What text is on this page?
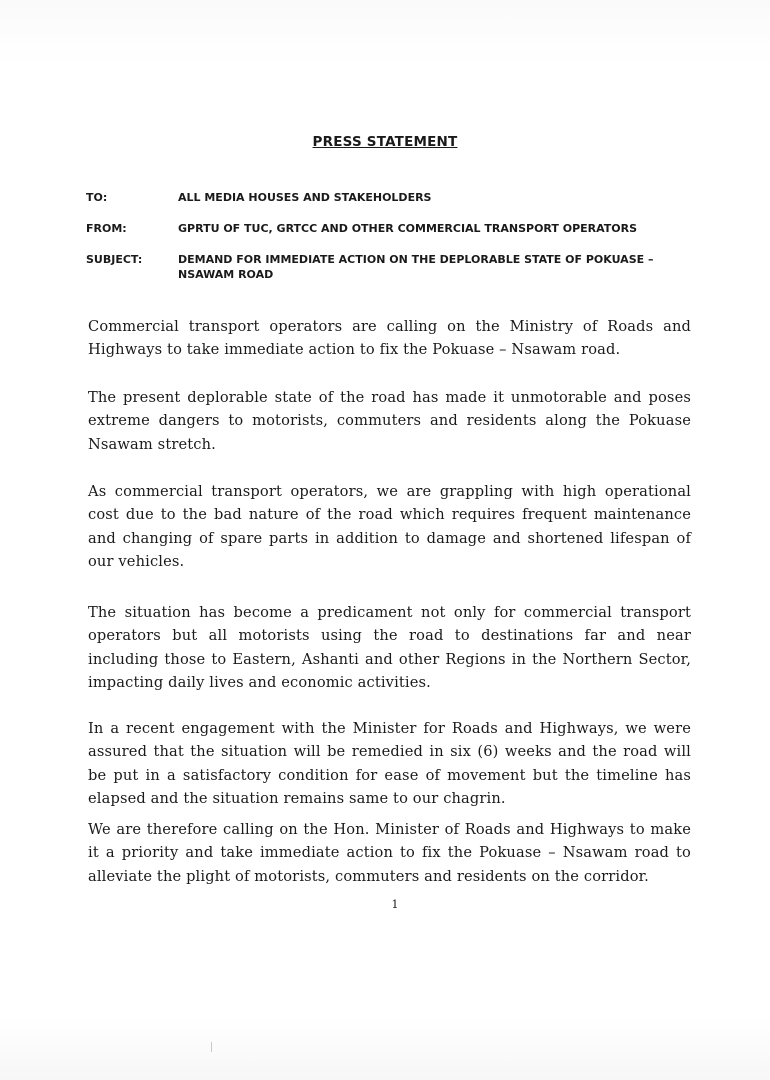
PRESS STATEMENT
TO:	ALL MEDIA HOUSES AND STAKEHOLDERS
FROM:	GPRTU OF TUC, GRTCC AND OTHER COMMERCIAL TRANSPORT OPERATORS
SUBJECT:	DEMAND FOR IMMEDIATE ACTION ON THE DEPLORABLE STATE OF POKUASE – NSAWAM ROAD

Commercial transport operators are calling on the Ministry of Roads and Highways to take immediate action to fix the Pokuase – Nsawam road.

The present deplorable state of the road has made it unmotorable and poses extreme dangers to motorists, commuters and residents along the Pokuase Nsawam stretch.

As commercial transport operators, we are grappling with high operational cost due to the bad nature of the road which requires frequent maintenance and changing of spare parts in addition to damage and shortened lifespan of our vehicles.

The situation has become a predicament not only for commercial transport operators but all motorists using the road to destinations far and near including those to Eastern, Ashanti and other Regions in the Northern Sector, impacting daily lives and economic activities.

In a recent engagement with the Minister for Roads and Highways, we were assured that the situation will be remedied in six (6) weeks and the road will be put in a satisfactory condition for ease of movement but the timeline has elapsed and the situation remains same to our chagrin.

We are therefore calling on the Hon. Minister of Roads and Highways to make it a priority and take immediate action to fix the Pokuase – Nsawam road to alleviate the plight of motorists, commuters and residents on the corridor.

1
